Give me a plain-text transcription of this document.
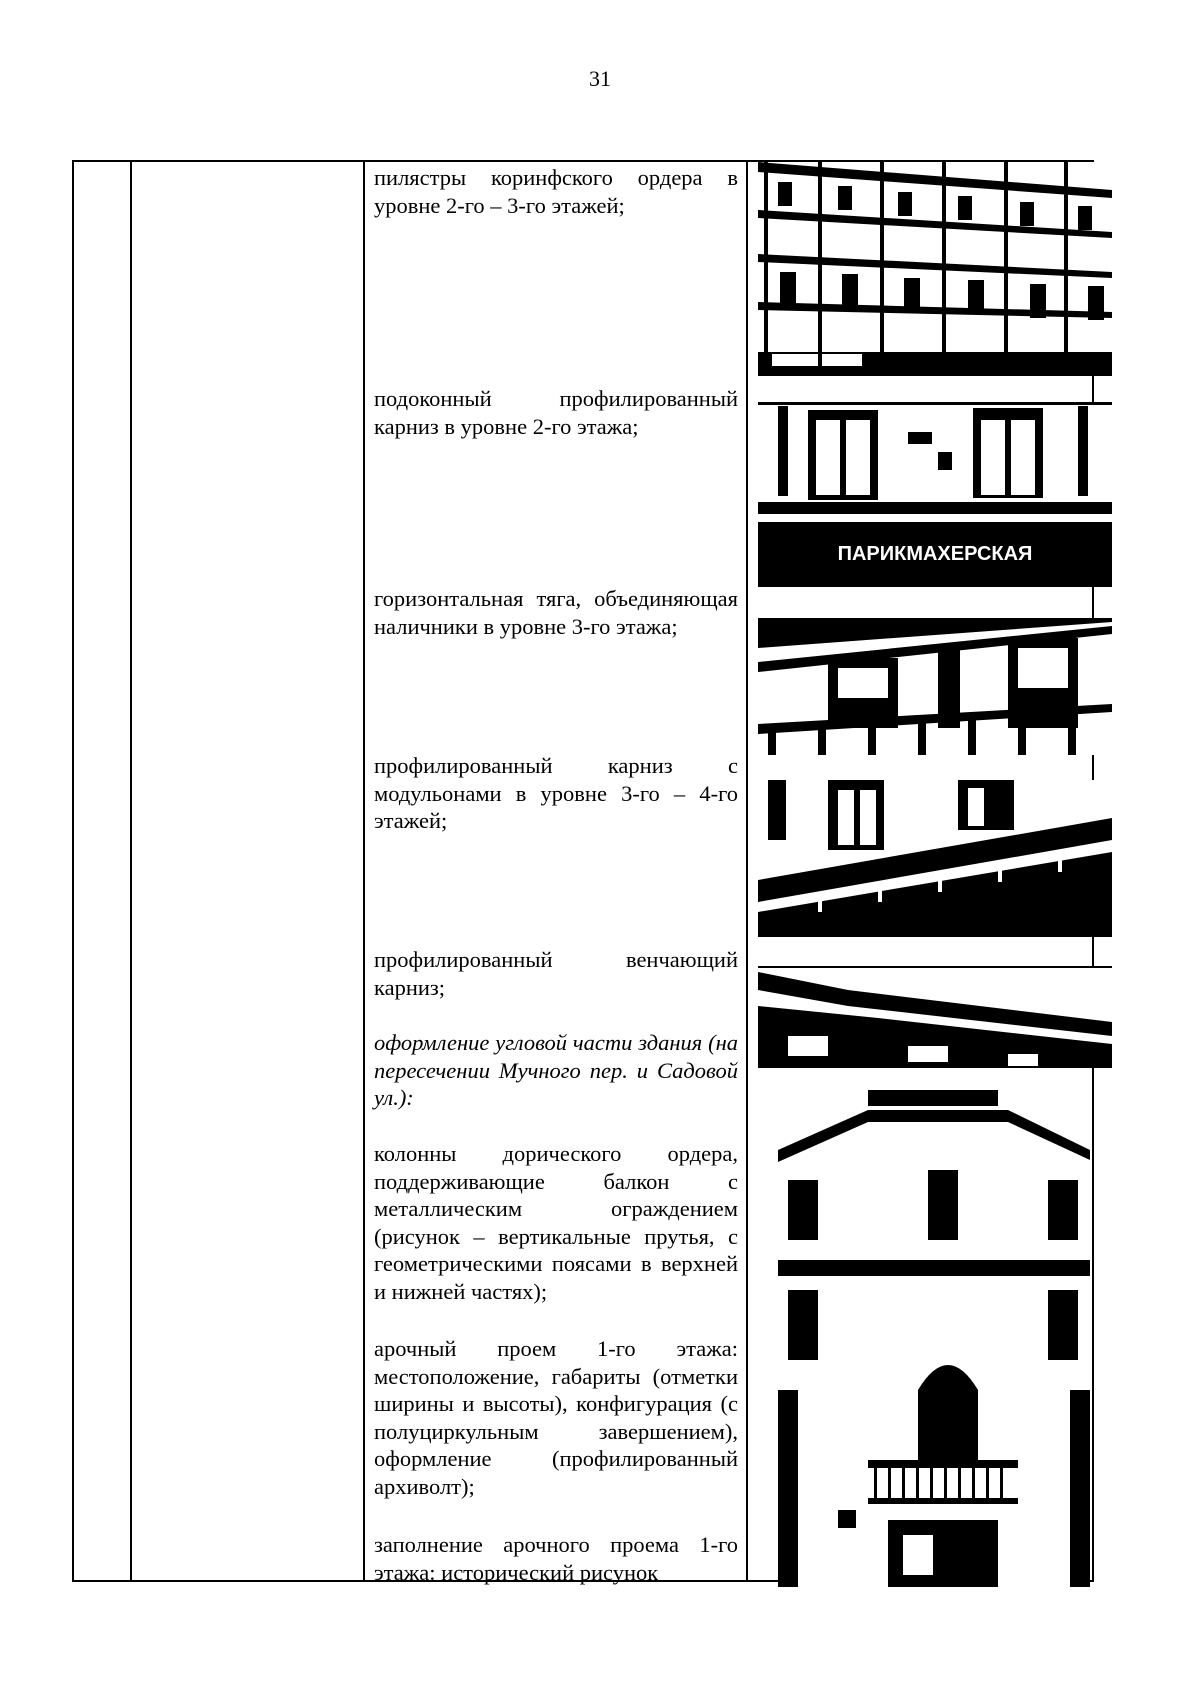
31

пилястры коринфского ордера в уровне 2-го – 3-го этажей;

подоконный профилированный карниз в уровне 2-го этажа;

горизонтальная тяга, объединяющая наличники в уровне 3-го этажа;

профилированный карниз с модульонами в уровне 3-го – 4-го этажей;

профилированный венчающий карниз;

оформление угловой части здания (на пересечении Мучного пер. и Садовой ул.):

колонны дорического ордера, поддерживающие балкон с металлическим ограждением (рисунок – вертикальные прутья, с геометрическими поясами в верхней и нижней частях);

арочный проем 1-го этажа: местоположение, габариты (отметки ширины и высоты), конфигурация (с полуциркульным завершением), оформление (профилированный архиволт);

заполнение арочного проема 1-го этажа: исторический рисунок

ПАРИКМАХЕРСКАЯ
